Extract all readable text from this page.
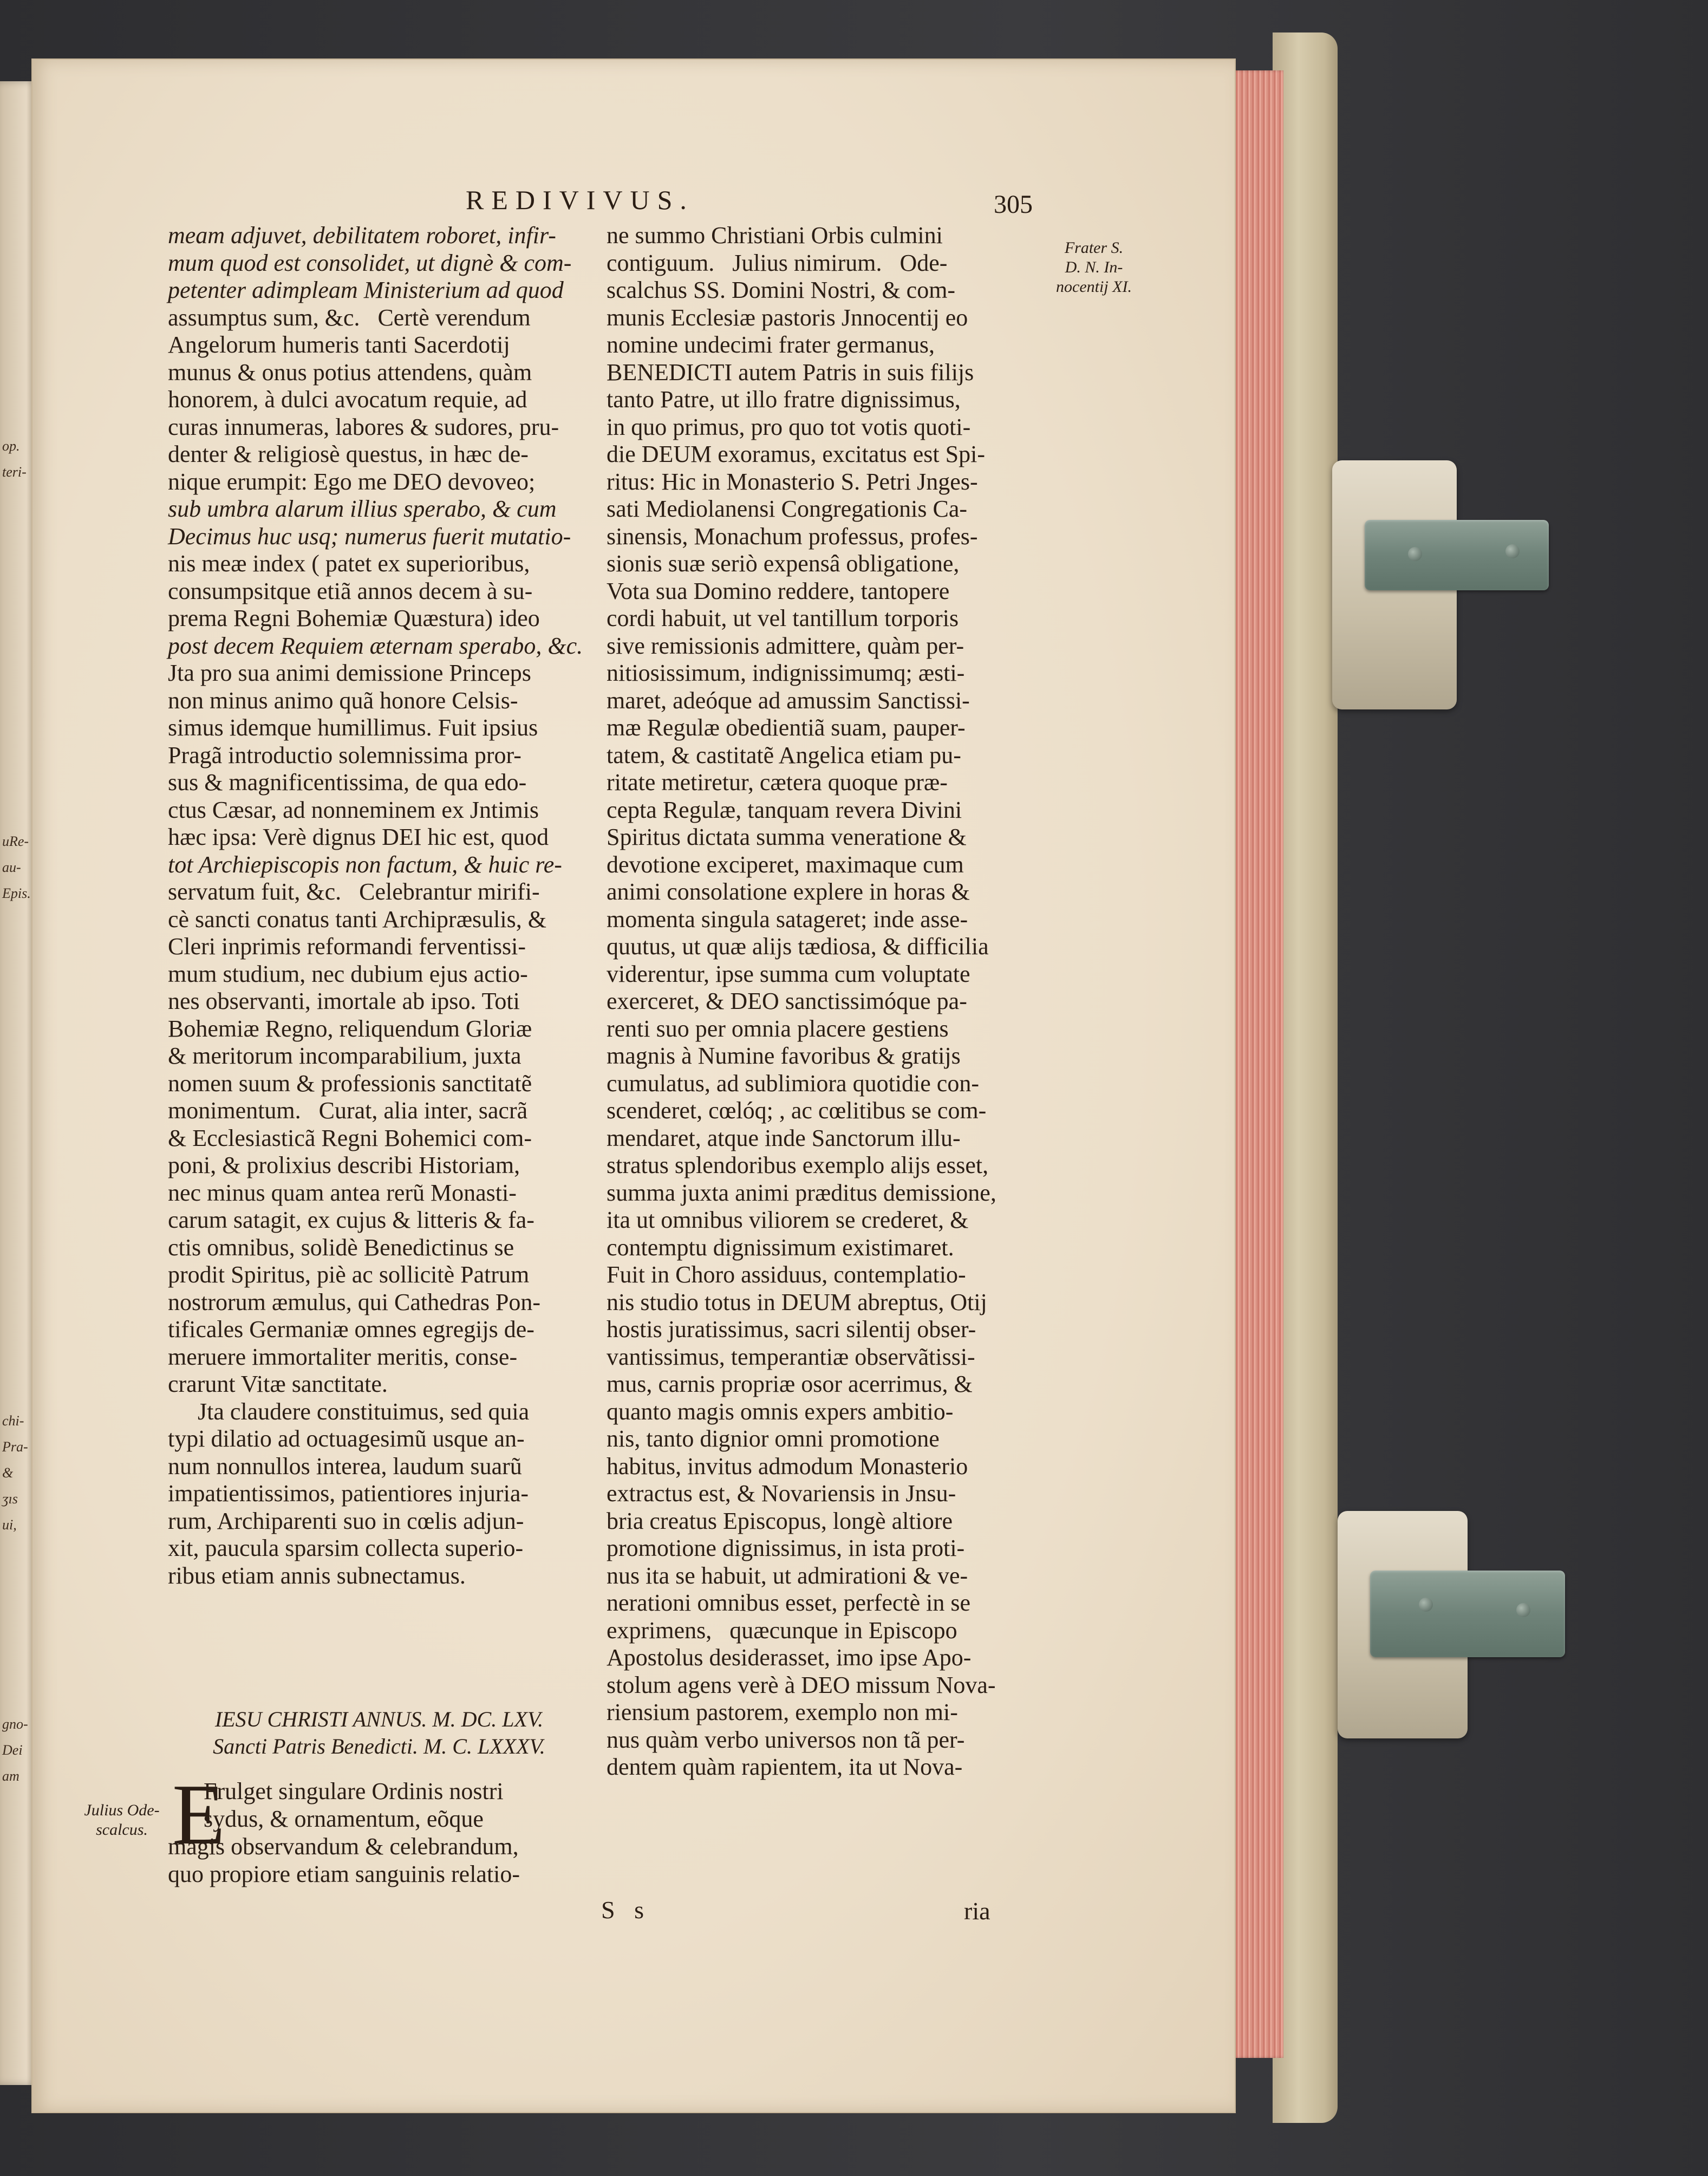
op.
teri-
uRe-
au-
Epis.
chi-
Pra-
&
ʒıs
ui,
gno-
Dei
am
REDIVIVUS.	305
meam adjuvet, debilitatem roboret, infir-
mum quod est consolidet, ut dignè & com-
petenter adimpleam Ministerium ad quod
assumptus sum, &c.   Certè verendum
Angelorum humeris tanti Sacerdotij
munus & onus potius attendens, quàm
honorem, à dulci avocatum requie, ad
curas innumeras, labores & sudores, pru-
denter & religiosè questus, in hæc de-
nique erumpit: Ego me DEO devoveo;
sub umbra alarum illius sperabo, & cum
Decimus huc usq; numerus fuerit mutatio-
nis meæ index ( patet ex superioribus,
consumpsitque etiã annos decem à su-
prema Regni Bohemiæ Quæstura) ideo
post decem Requiem æternam sperabo, &c.
Jta pro sua animi demissione Princeps
non minus animo quã honore Celsis-
simus idemque humillimus. Fuit ipsius
Pragã introductio solemnissima pror-
sus & magnificentissima, de qua edo-
ctus Cæsar, ad nonneminem ex Jntimis
hæc ipsa: Verè dignus DEI hic est, quod
tot Archiepiscopis non factum, & huic re-
servatum fuit, &c.   Celebrantur mirifi-
cè sancti conatus tanti Archipræsulis, &
Cleri inprimis reformandi ferventissi-
mum studium, nec dubium ejus actio-
nes observanti, imortale ab ipso. Toti
Bohemiæ Regno, reliquendum Gloriæ
& meritorum incomparabilium, juxta
nomen suum & professionis sanctitatẽ
monimentum.   Curat, alia inter, sacrã
& Ecclesiasticã Regni Bohemici com-
poni, & prolixius describi Historiam,
nec minus quam antea rerũ Monasti-
carum satagit, ex cujus & litteris & fa-
ctis omnibus, solidè Benedictinus se
prodit Spiritus, piè ac sollicitè Patrum
nostrorum æmulus, qui Cathedras Pon-
tificales Germaniæ omnes egregijs de-
meruere immortaliter meritis, conse-
crarunt Vitæ sanctitate.
Jta claudere constituimus, sed quia
typi dilatio ad octuagesimũ usque an-
num nonnullos interea, laudum suarũ
impatientissimos, patientiores injuria-
rum, Archiparenti suo in cœlis adjun-
xit, paucula sparsim collecta superio-
ribus etiam annis subnectamus.
ne summo Christiani Orbis culmini
contiguum.   Julius nimirum.   Ode-
scalchus SS. Domini Nostri, & com-
munis Ecclesiæ pastoris Jnnocentij eo
nomine undecimi frater germanus,
BENEDICTI autem Patris in suis filijs
tanto Patre, ut illo fratre dignissimus,
in quo primus, pro quo tot votis quoti-
die DEUM exoramus, excitatus est Spi-
ritus: Hic in Monasterio S. Petri Jnges-
sati Mediolanensi Congregationis Ca-
sinensis, Monachum professus, profes-
sionis suæ seriò expensâ obligatione,
Vota sua Domino reddere, tantopere
cordi habuit, ut vel tantillum torporis
sive remissionis admittere, quàm per-
nitiosissimum, indignissimumq; æsti-
maret, adeóque ad amussim Sanctissi-
mæ Regulæ obedientiã suam, pauper-
tatem, & castitatẽ Angelica etiam pu-
ritate metiretur, cætera quoque præ-
cepta Regulæ, tanquam revera Divini
Spiritus dictata summa veneratione &
devotione exciperet, maximaque cum
animi consolatione explere in horas &
momenta singula satageret; inde asse-
quutus, ut quæ alijs tædiosa, & difficilia
viderentur, ipse summa cum voluptate
exerceret, & DEO sanctissimóque pa-
renti suo per omnia placere gestiens
magnis à Numine favoribus & gratijs
cumulatus, ad sublimiora quotidie con-
scenderet, cœlóq; , ac cœlitibus se com-
mendaret, atque inde Sanctorum illu-
stratus splendoribus exemplo alijs esset,
summa juxta animi præditus demissione,
ita ut omnibus viliorem se crederet, &
contemptu dignissimum existimaret.
Fuit in Choro assiduus, contemplatio-
nis studio totus in DEUM abreptus, Otij
hostis juratissimus, sacri silentij obser-
vantissimus, temperantiæ observãtissi-
mus, carnis propriæ osor acerrimus, &
quanto magis omnis expers ambitio-
nis, tanto dignior omni promotione
habitus, invitus admodum Monasterio
extractus est, & Novariensis in Jnsu-
bria creatus Episcopus, longè altiore
promotione dignissimus, in ista proti-
nus ita se habuit, ut admirationi & ve-
nerationi omnibus esset, perfectè in se
exprimens,   quæcunque in Episcopo
Apostolus desiderasset, imo ipse Apo-
stolum agens verè à DEO missum Nova-
riensium pastorem, exemplo non mi-
nus quàm verbo universos non tã per-
dentem quàm rapientem, ita ut Nova-
Frater S.
D. N. In-
nocentij XI.
Julius Ode-
scalcus.
IESU CHRISTI ANNUS. M. DC. LXV.
Sancti Patris Benedicti. M. C. LXXXV.
E
Frulget singulare Ordinis nostri
sydus, & ornamentum, eõque
magis observandum & celebrandum,
quo propiore etiam sanguinis relatio-
S s	ria
